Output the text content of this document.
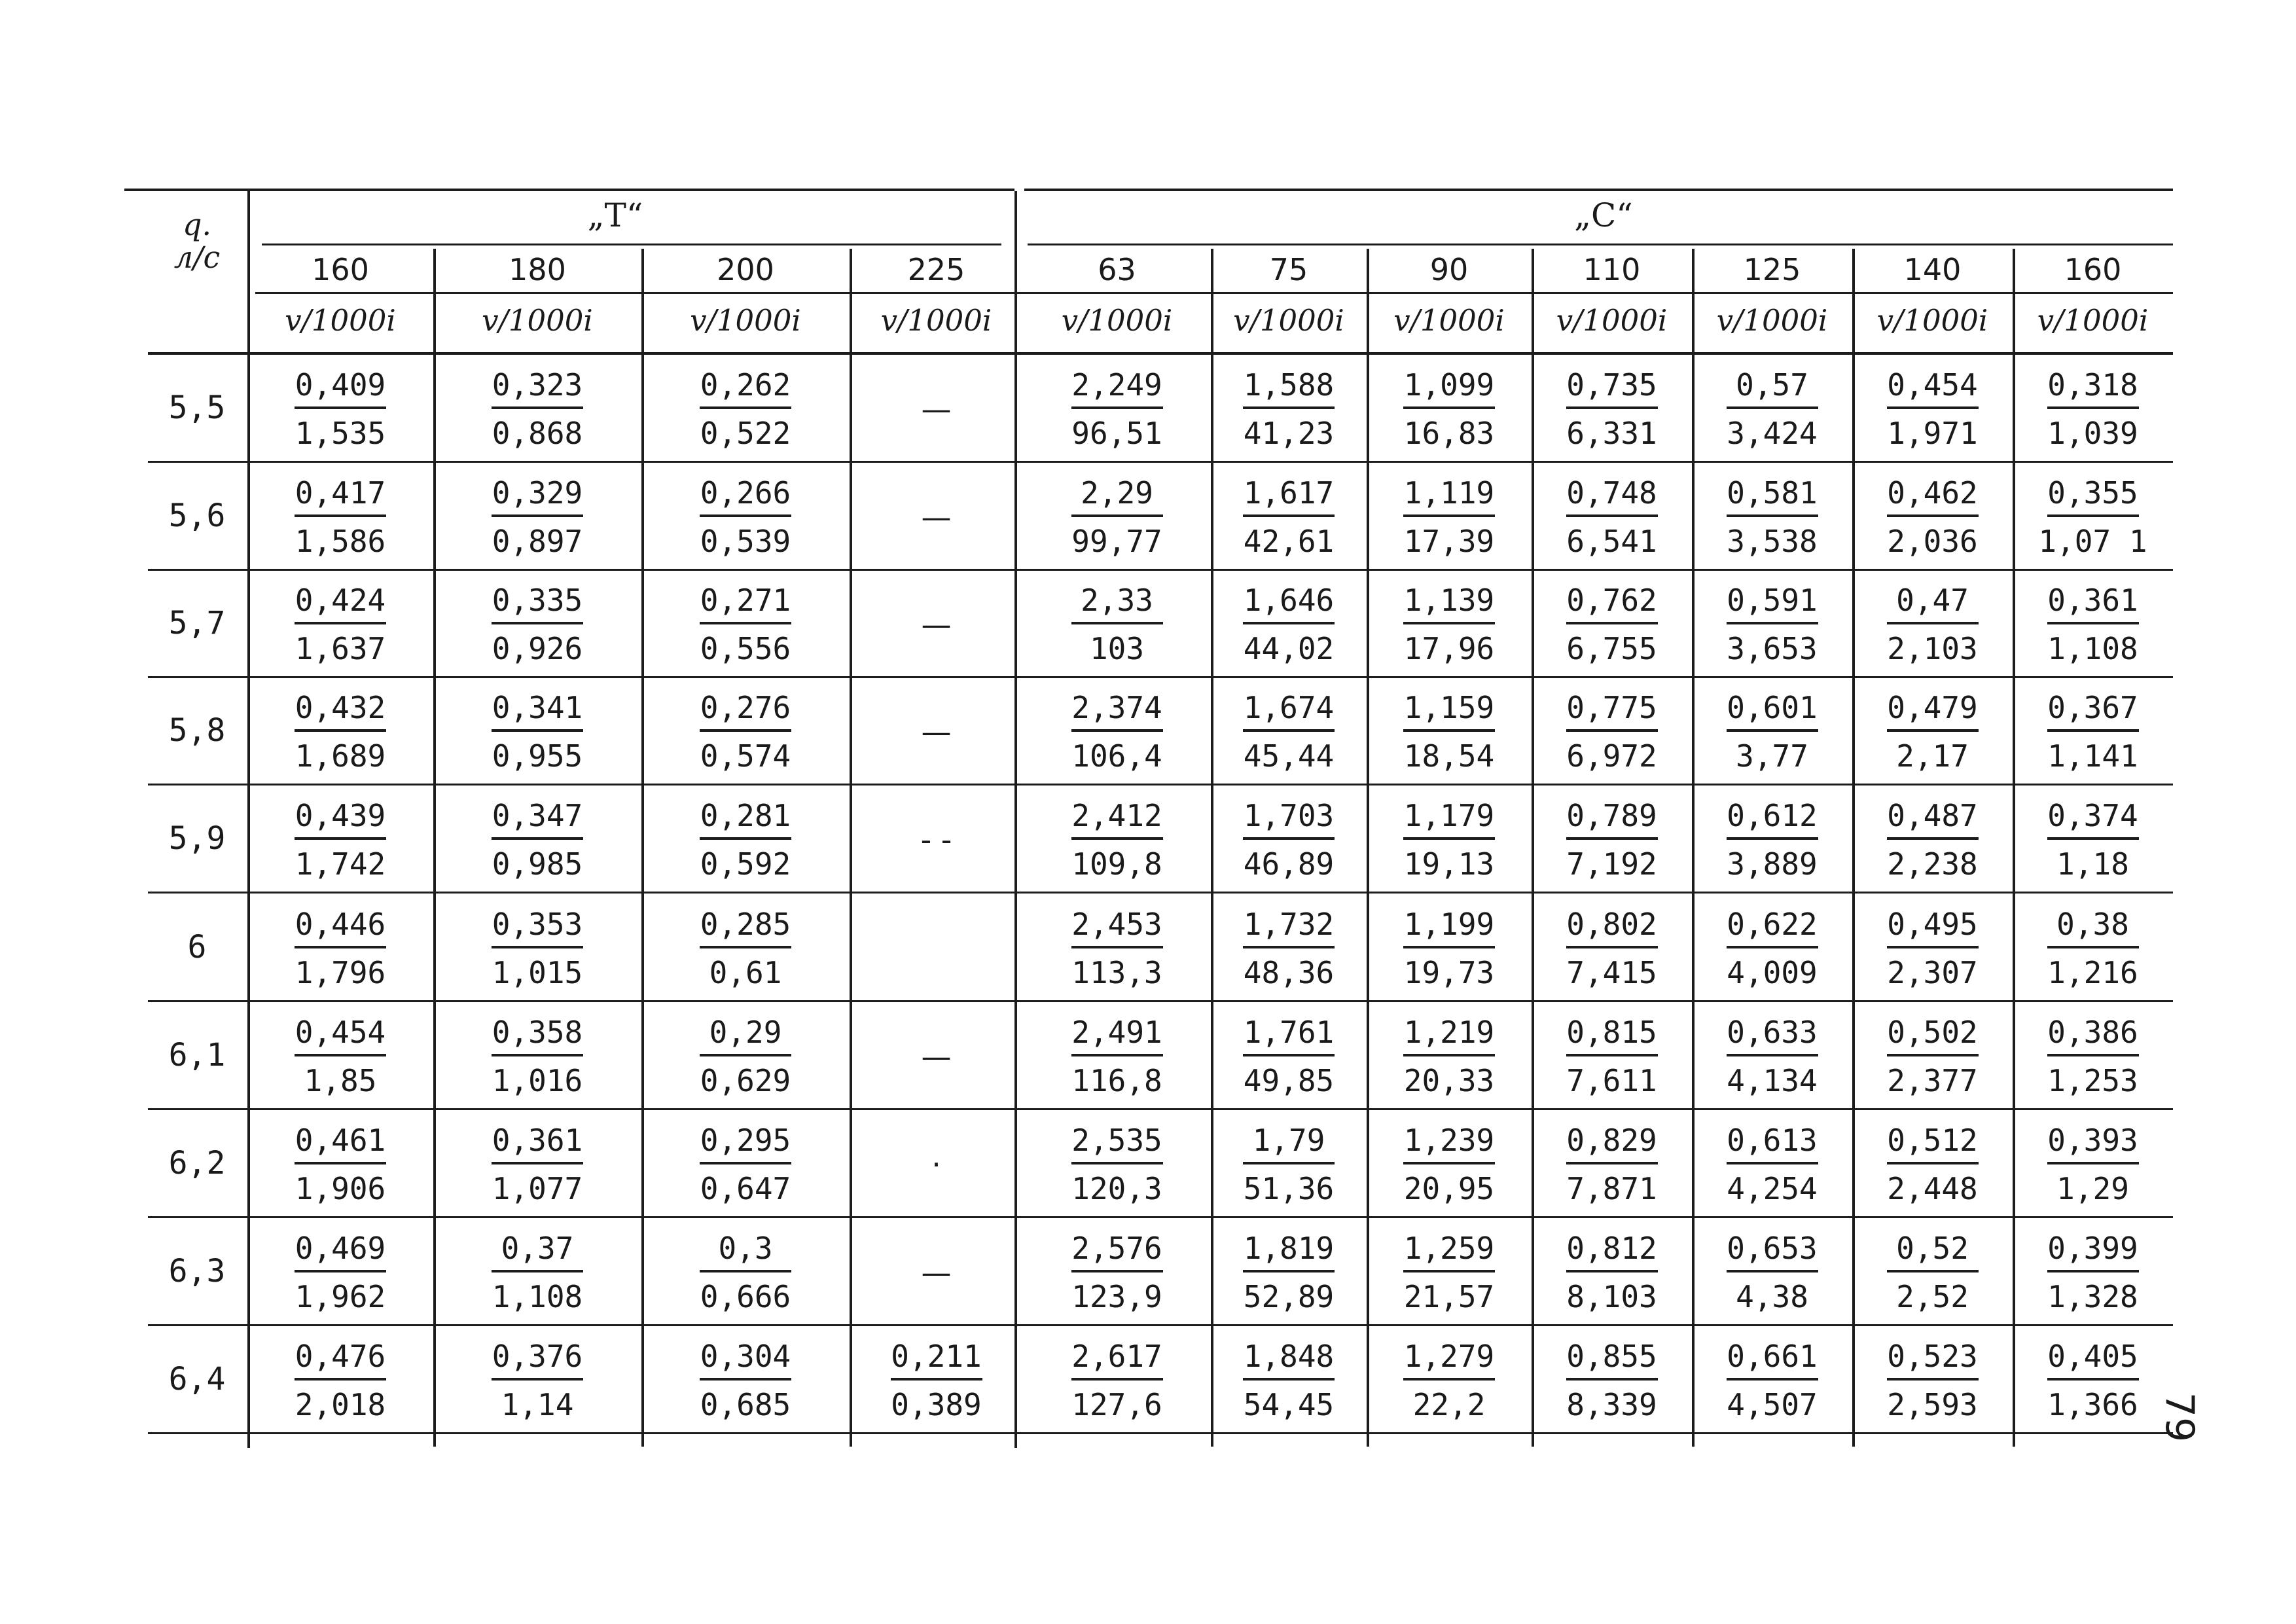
„Т“	„С“
q.
л/с	160
v/1000i
180
v/1000i
200
v/1000i
225
v/1000i
63
v/1000i
75
v/1000i
90
v/1000i
110
v/1000i
125
v/1000i
140
v/1000i
160
v/1000i
5,5
0,409
1,535
0,323
0,868
0,262
0,522
—
2,249
96,51
1,588
41,23
1,099
16,83
0,735
6,331
0,57
3,424
0,454
1,971
0,318
1,039
5,6
0,417
1,586
0,329
0,897
0,266
0,539
—
2,29
99,77
1,617
42,61
1,119
17,39
0,748
6,541
0,581
3,538
0,462
2,036
0,355
1,07 1
5,7
0,424
1,637
0,335
0,926
0,271
0,556
—
2,33
103
1,646
44,02
1,139
17,96
0,762
6,755
0,591
3,653
0,47
2,103
0,361
1,108
5,8
0,432
1,689
0,341
0,955
0,276
0,574
—
2,374
106,4
1,674
45,44
1,159
18,54
0,775
6,972
0,601
3,77
0,479
2,17
0,367
1,141
5,9
0,439
1,742
0,347
0,985
0,281
0,592
- -
2,412
109,8
1,703
46,89
1,179
19,13
0,789
7,192
0,612
3,889
0,487
2,238
0,374
1,18
6
0,446
1,796
0,353
1,015
0,285
0,61
2,453
113,3
1,732
48,36
1,199
19,73
0,802
7,415
0,622
4,009
0,495
2,307
0,38
1,216
6,1
0,454
1,85
0,358
1,016
0,29
0,629
—
2,491
116,8
1,761
49,85
1,219
20,33
0,815
7,611
0,633
4,134
0,502
2,377
0,386
1,253
6,2
0,461
1,906
0,361
1,077
0,295
0,647
·
2,535
120,3
1,79
51,36
1,239
20,95
0,829
7,871
0,613
4,254
0,512
2,448
0,393
1,29
6,3
0,469
1,962
0,37
1,108
0,3
0,666
—
2,576
123,9
1,819
52,89
1,259
21,57
0,812
8,103
0,653
4,38
0,52
2,52
0,399
1,328
6,4
0,476
2,018
0,376
1,14
0,304
0,685
0,211
0,389
2,617
127,6
1,848
54,45
1,279
22,2
0,855
8,339
0,661
4,507
0,523
2,593
0,405
1,366 79
